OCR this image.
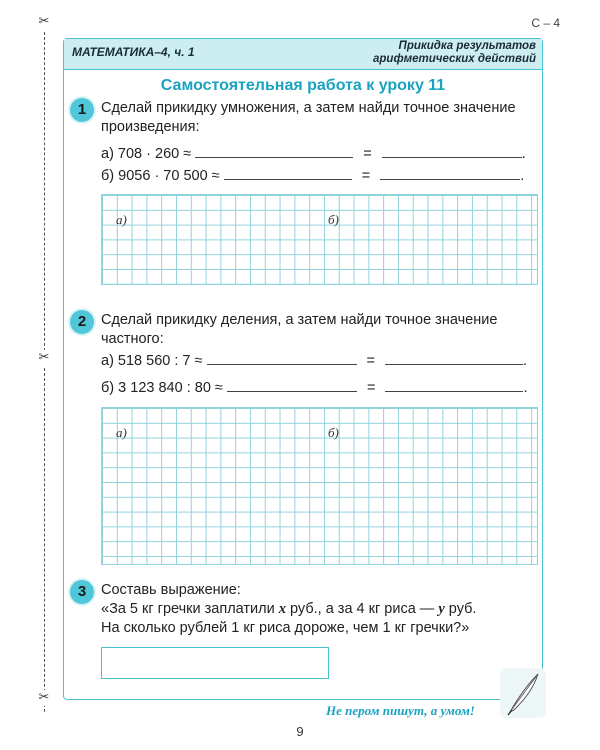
✂
✂
✂
С – 4
МАТЕМАТИКА–4, ч. 1	Прикидка результатов
арифметических действий
Самостоятельная работа к уроку 11
1	Сделай прикидку умножения, а затем найди точное значение произведения:
а) 708 · 260 ≈	=	.
б) 9056 · 70 500 ≈	=	.
а)	б)
2	Сделай прикидку деления, а затем найди точное значение частного:
а) 518 560 : 7 ≈	=	.
б) 3 123 840 : 80 ≈	=	.
а)	б)
3	Составь выражение:
«За 5 кг гречки заплатили x руб., а за 4 кг риса — y руб.
На сколько рублей 1 кг риса дороже, чем 1 кг гречки?»
Не пером пишут, а умом!
9
